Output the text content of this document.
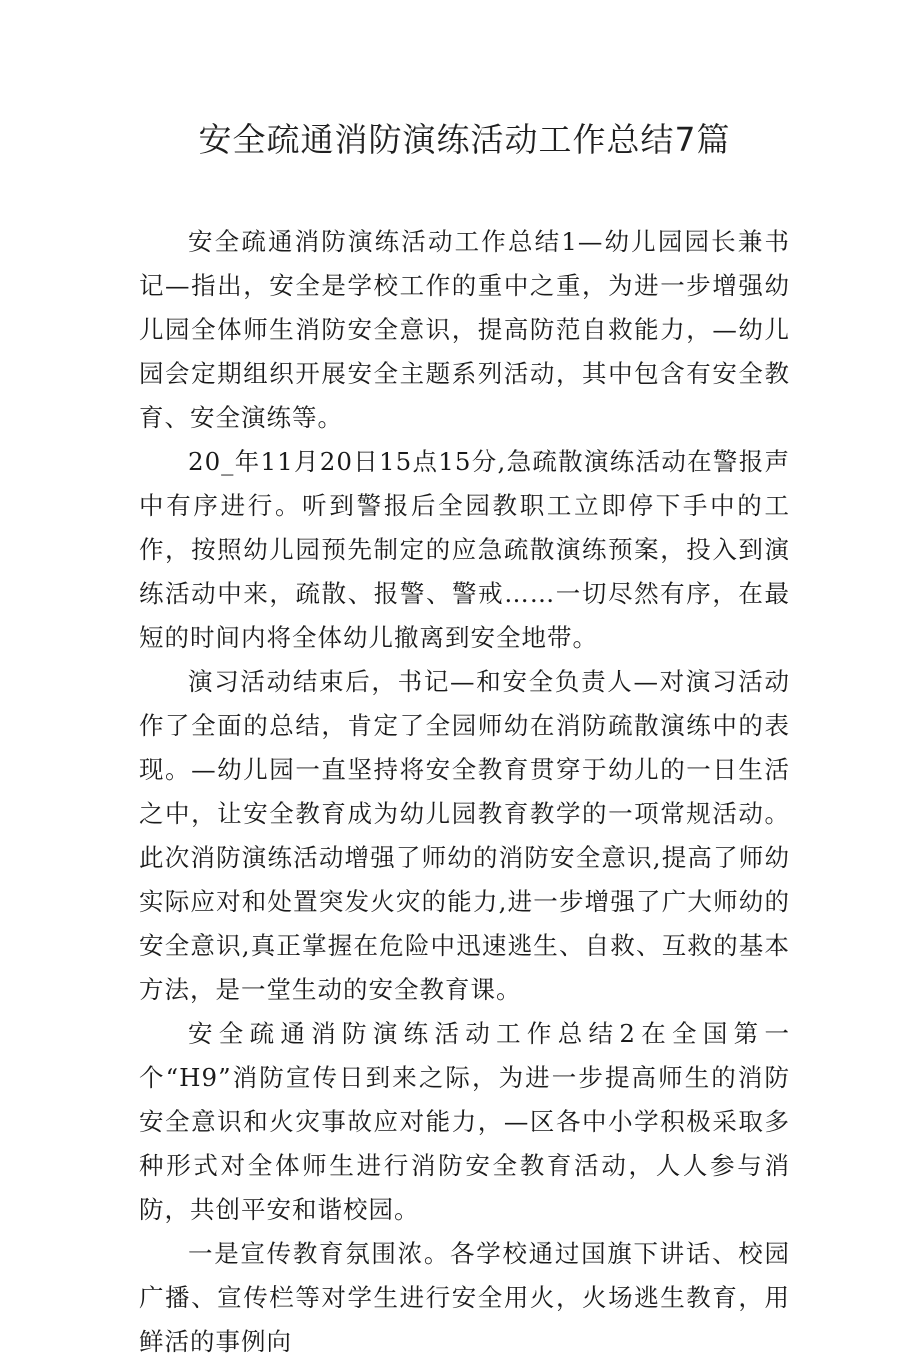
安全疏通消防演练活动工作总结7篇

安全疏通消防演练活动工作总结1—幼儿园园长兼书记—指出，安全是学校工作的重中之重，为进一步增强幼儿园全体师生消防安全意识，提高防范自救能力，—幼儿园会定期组织开展安全主题系列活动，其中包含有安全教育、安全演练等。

20_年11月20日15点15分,急疏散演练活动在警报声中有序进行。听到警报后全园教职工立即停下手中的工作，按照幼儿园预先制定的应急疏散演练预案，投入到演练活动中来，疏散、报警、警戒……一切尽然有序，在最短的时间内将全体幼儿撤离到安全地带。

演习活动结束后，书记—和安全负责人—对演习活动作了全面的总结，肯定了全园师幼在消防疏散演练中的表现。—幼儿园一直坚持将安全教育贯穿于幼儿的一日生活之中，让安全教育成为幼儿园教育教学的一项常规活动。此次消防演练活动增强了师幼的消防安全意识,提高了师幼实际应对和处置突发火灾的能力,进一步增强了广大师幼的安全意识,真正掌握在危险中迅速逃生、自救、互救的基本方法，是一堂生动的安全教育课。

安全疏通消防演练活动工作总结2在全国第一个“H9”消防宣传日到来之际，为进一步提高师生的消防安全意识和火灾事故应对能力，—区各中小学积极采取多种形式对全体师生进行消防安全教育活动，人人参与消防，共创平安和谐校园。

一是宣传教育氛围浓。各学校通过国旗下讲话、校园广播、宣传栏等对学生进行安全用火，火场逃生教育，用鲜活的事例向
